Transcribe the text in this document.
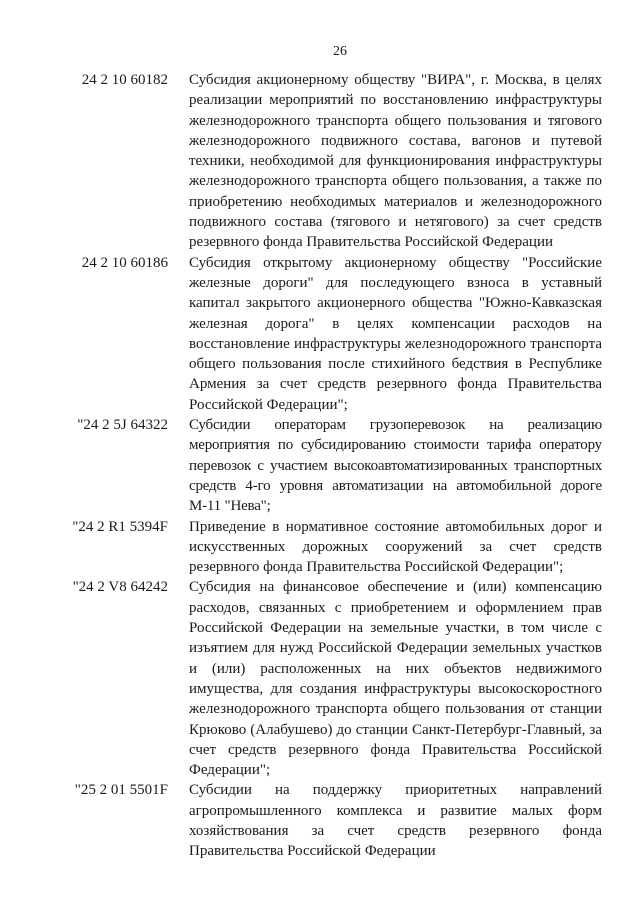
26
24 2 10 60182 Субсидия акционерному обществу "ВИРА", г. Москва, в целях реализации мероприятий по восстановлению инфраструктуры железнодорожного транспорта общего пользования и тягового железнодорожного подвижного состава, вагонов и путевой техники, необходимой для функционирования инфраструктуры железнодорожного транспорта общего пользования, а также по приобретению необходимых материалов и железнодорожного подвижного состава (тягового и нетягового) за счет средств резервного фонда Правительства Российской Федерации
24 2 10 60186 Субсидия открытому акционерному обществу "Российские железные дороги" для последующего взноса в уставный капитал закрытого акционерного общества "Южно-Кавказская железная дорога" в целях компенсации расходов на восстановление инфраструктуры железнодорожного транспорта общего пользования после стихийного бедствия в Республике Армения за счет средств резервного фонда Правительства Российской Федерации";
"24 2 5J 64322 Субсидии операторам грузоперевозок на реализацию мероприятия по субсидированию стоимости тарифа оператору перевозок с участием высокоавтоматизированных транспортных средств 4-го уровня автоматизации на автомобильной дороге М-11 "Нева";
"24 2 R1 5394F Приведение в нормативное состояние автомобильных дорог и искусственных дорожных сооружений за счет средств резервного фонда Правительства Российской Федерации";
"24 2 V8 64242 Субсидия на финансовое обеспечение и (или) компенсацию расходов, связанных с приобретением и оформлением прав Российской Федерации на земельные участки, в том числе с изъятием для нужд Российской Федерации земельных участков и (или) расположенных на них объектов недвижимого имущества, для создания инфраструктуры высокоскоростного железнодорожного транспорта общего пользования от станции Крюково (Алабушево) до станции Санкт-Петербург-Главный, за счет средств резервного фонда Правительства Российской Федерации";
"25 2 01 5501F Субсидии на поддержку приоритетных направлений агропромышленного комплекса и развитие малых форм хозяйствования за счет средств резервного фонда Правительства Российской Федерации
